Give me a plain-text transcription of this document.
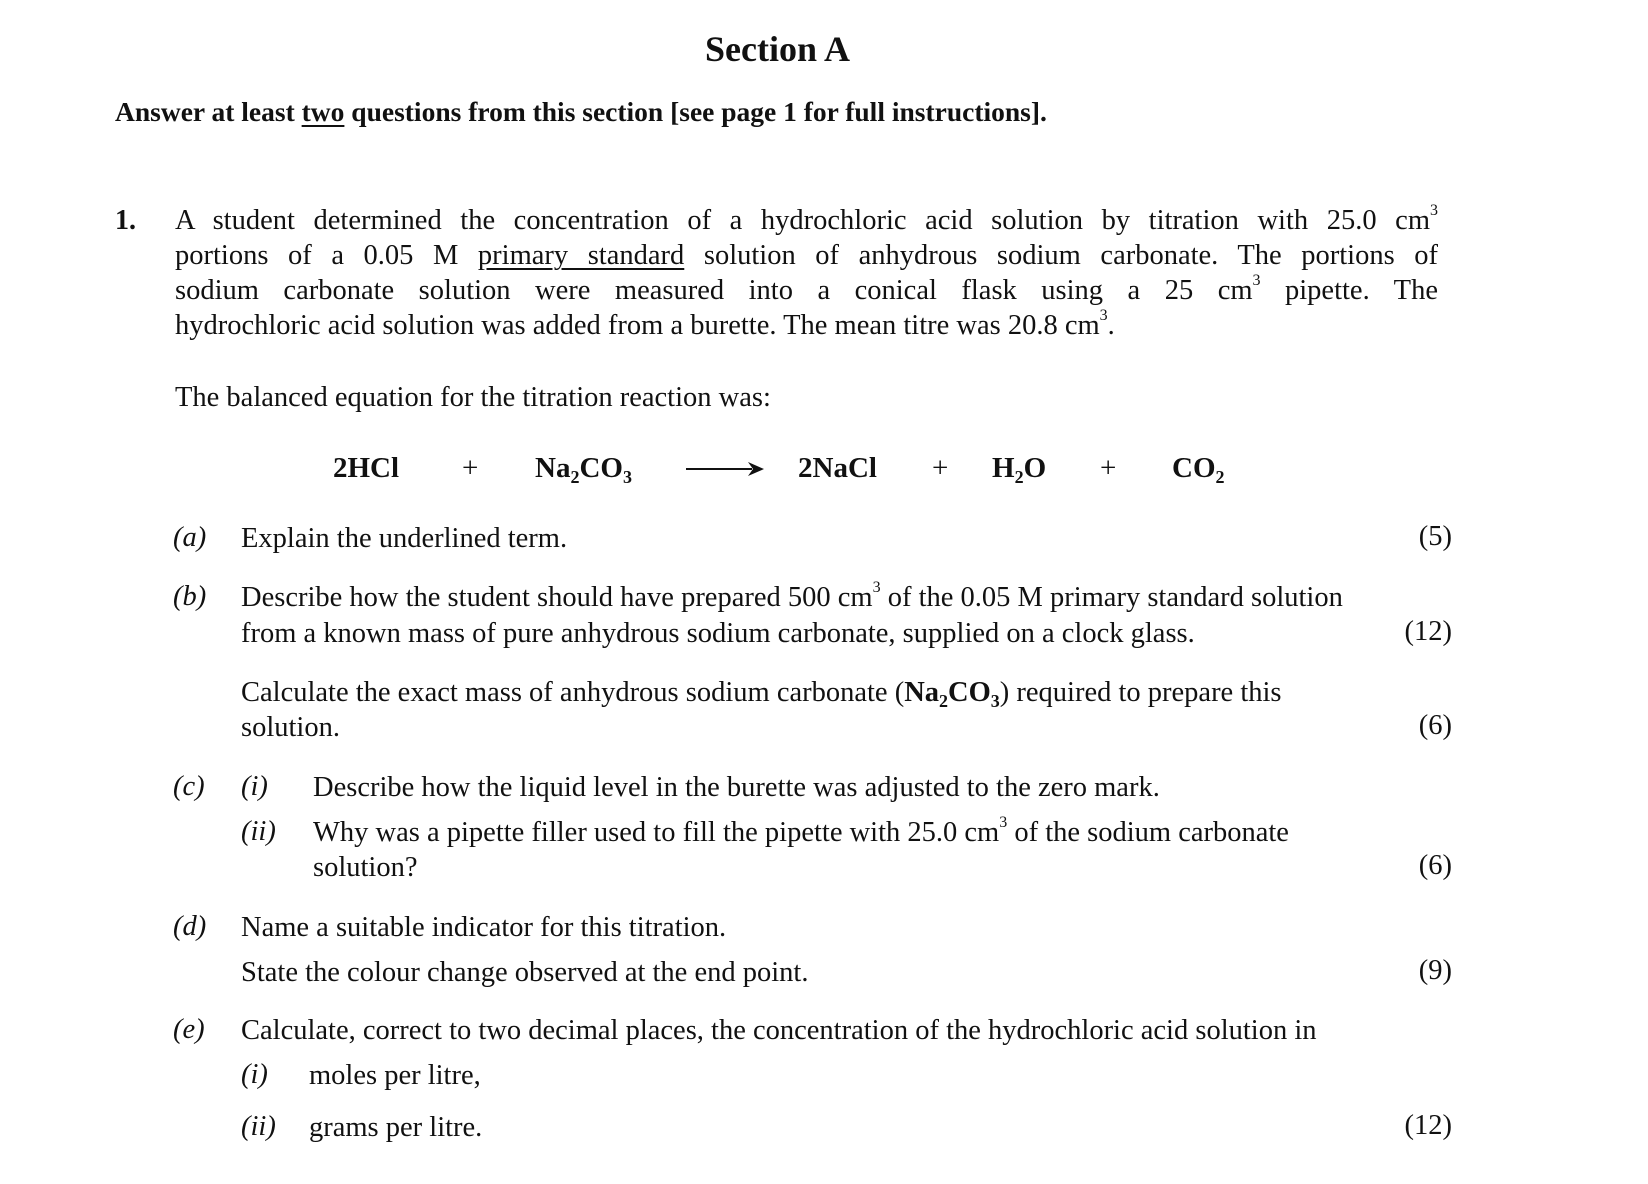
Section A
Answer at least two questions from this section [see page 1 for full instructions].
1. A student determined the concentration of a hydrochloric acid solution by titration with 25.0 $cm^3$
portions of a 0.05 M primary standard solution of anhydrous sodium carbonate. The portions of
sodium carbonate solution were measured into a conical flask using a 25 $cm^3$ pipette. The
hydrochloric acid solution was added from a burette. The mean titre was 20.8 $cm^3$.
The balanced equation for the titration reaction was:
$2HCl + Na_2CO_3$	2NaCl + $H_2O + CO_2$
(a) Explain the underlined term.	(5)
(b) Describe how the student should have prepared 500 $cm^3$ of the 0.05 M primary standard solution
from a known mass of pure anhydrous sodium carbonate, supplied on a clock glass.	(12)
Calculate the exact mass of anhydrous sodium carbonate $(Na_2CO_3)$ required to prepare this
solution.	(6)
(c) (i) Describe how the liquid level in the burette was adjusted to the zero mark.
(ii) Why was a pipette filler used to fill the pipette with 25.0 $cm^3$ of the sodium carbonate
solution?	(6)
(d) Name a suitable indicator for this titration.
State the colour change observed at the end point.	(9)
(e) Calculate, correct to two decimal places, the concentration of the hydrochloric acid solution in
(i) moles per litre,
(ii) grams per litre.	(12)
